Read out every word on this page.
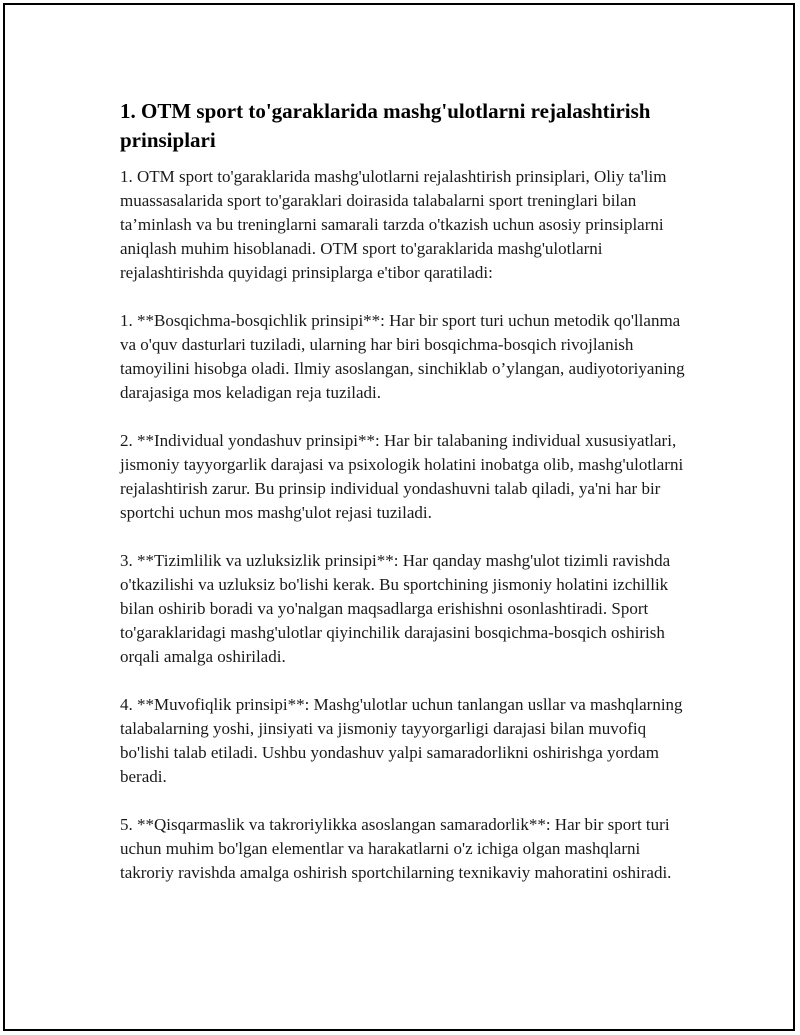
1. OTM sport to'garaklarida mashg'ulotlarni rejalashtirish prinsiplari

1. OTM sport to'garaklarida mashg'ulotlarni rejalashtirish prinsiplari, Oliy ta'lim muassasalarida sport to'garaklari doirasida talabalarni sport treninglari bilan ta’minlash va bu treninglarni samarali tarzda o'tkazish uchun asosiy prinsiplarni aniqlash muhim hisoblanadi. OTM sport to'garaklarida mashg'ulotlarni rejalashtirishda quyidagi prinsiplarga e'tibor qaratiladi:

1. **Bosqichma-bosqichlik prinsipi**: Har bir sport turi uchun metodik qo'llanma va o'quv dasturlari tuziladi, ularning har biri bosqichma-bosqich rivojlanish tamoyilini hisobga oladi. Ilmiy asoslangan, sinchiklab o’ylangan, audiyotoriyaning darajasiga mos keladigan reja tuziladi.

2. **Individual yondashuv prinsipi**: Har bir talabaning individual xususiyatlari, jismoniy tayyorgarlik darajasi va psixologik holatini inobatga olib, mashg'ulotlarni rejalashtirish zarur. Bu prinsip individual yondashuvni talab qiladi, ya'ni har bir sportchi uchun mos mashg'ulot rejasi tuziladi.

3. **Tizimlilik va uzluksizlik prinsipi**: Har qanday mashg'ulot tizimli ravishda o'tkazilishi va uzluksiz bo'lishi kerak. Bu sportchining jismoniy holatini izchillik bilan oshirib boradi va yo'nalgan maqsadlarga erishishni osonlashtiradi. Sport to'garaklaridagi mashg'ulotlar qiyinchilik darajasini bosqichma-bosqich oshirish orqali amalga oshiriladi.

4. **Muvofiqlik prinsipi**: Mashg'ulotlar uchun tanlangan usllar va mashqlarning talabalarning yoshi, jinsiyati va jismoniy tayyorgarligi darajasi bilan muvofiq bo'lishi talab etiladi. Ushbu yondashuv yalpi samaradorlikni oshirishga yordam beradi.

5. **Qisqarmaslik va takroriylikka asoslangan samaradorlik**: Har bir sport turi uchun muhim bo'lgan elementlar va harakatlarni o'z ichiga olgan mashqlarni takroriy ravishda amalga oshirish sportchilarning texnikaviy mahoratini oshiradi.
